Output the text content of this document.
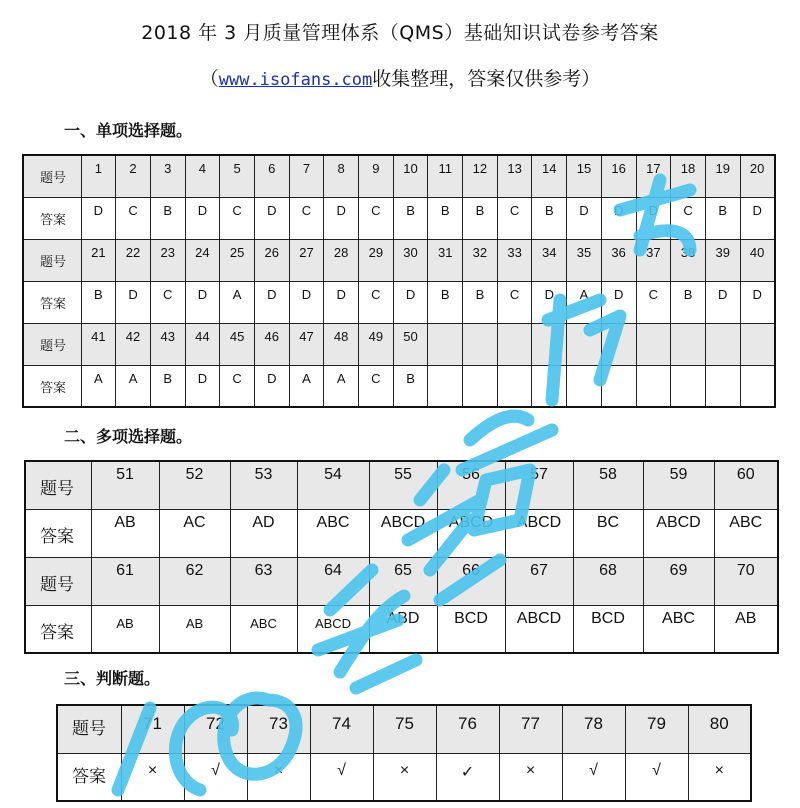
2018 年 3 月质量管理体系（QMS）基础知识试卷参考答案
（www.isofans.com收集整理，答案仅供参考）
一、单项选择题。
题号	1	2	3	4	5	6	7	8	9	10	11	12	13	14	15	16	17	18	19	20

答案	D	C	B	D	C	D	C	D	C	B	B	B	C	B	D	D	D	C	B	D

题号	21	22	23	24	25	26	27	28	29	30	31	32	33	34	35	36	37	38	39	40

答案	B	D	C	D	A	D	D	D	C	D	B	B	C	D	A	D	C	B	D	D

题号	41	42	43	44	45	46	47	48	49	50										

答案	A	A	B	D	C	D	A	A	C	B										
二、多项选择题。
题号	51	52	53	54	55	56	57	58	59	60

答案	AB	AC	AD	ABC	ABCD	ABCD	ABCD	BC	ABCD	ABC

题号	61	62	63	64	65	66	67	68	69	70

答案	AB	AB	ABC	ABCD	ABD	BCD	ABCD	BCD	ABC	AB
三、判断题。
题号	71	72	73	74	75	76	77	78	79	80

答案	×	√	×	√	×	✓	×	√	√	×
